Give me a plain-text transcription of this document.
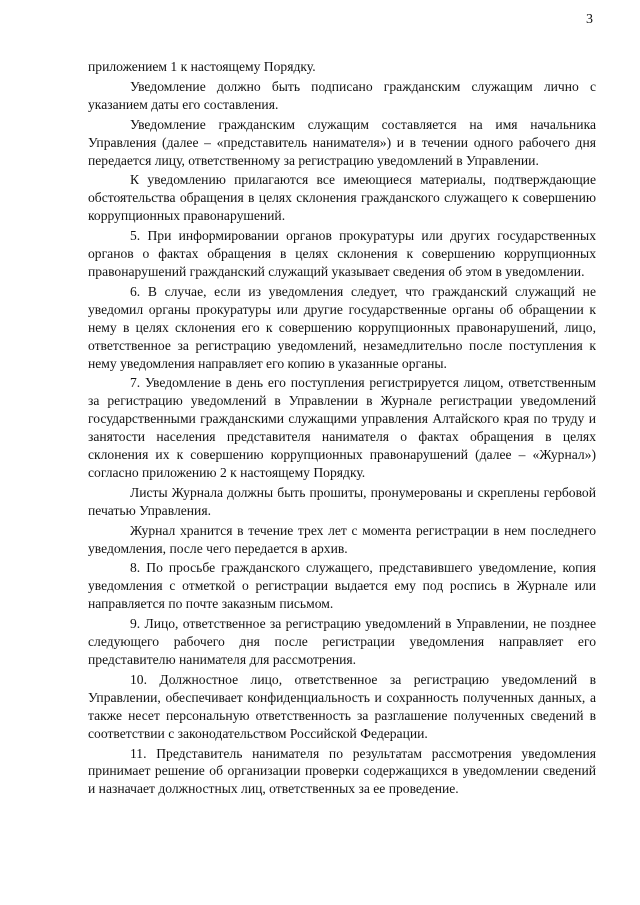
3

приложением 1 к настоящему Порядку.

Уведомление должно быть подписано гражданским служащим лично с указанием даты его составления.

Уведомление гражданским служащим составляется на имя начальника Управления (далее – «представитель нанимателя») и в течении одного рабочего дня передается лицу, ответственному за регистрацию уведомлений в Управлении.

К уведомлению прилагаются все имеющиеся материалы, подтверждающие обстоятельства обращения в целях склонения гражданского служащего к совершению коррупционных правонарушений.

5. При информировании органов прокуратуры или других государственных органов о фактах обращения в целях склонения к совершению коррупционных правонарушений гражданский служащий указывает сведения об этом в уведомлении.

6. В случае, если из уведомления следует, что гражданский служащий не уведомил органы прокуратуры или другие государственные органы об обращении к нему в целях склонения его к совершению коррупционных правонарушений, лицо, ответственное за регистрацию уведомлений, незамедлительно после поступления к нему уведомления направляет его копию в указанные органы.

7. Уведомление в день его поступления регистрируется лицом, ответственным за регистрацию уведомлений в Управлении в Журнале регистрации уведомлений государственными гражданскими служащими управления Алтайского края по труду и занятости населения представителя нанимателя о фактах обращения в целях склонения их к совершению коррупционных правонарушений (далее – «Журнал») согласно приложению 2 к настоящему Порядку.

Листы Журнала должны быть прошиты, пронумерованы и скреплены гербовой печатью Управления.

Журнал хранится в течение трех лет с момента регистрации в нем последнего уведомления, после чего передается в архив.

8. По просьбе гражданского служащего, представившего уведомление, копия уведомления с отметкой о регистрации выдается ему под роспись в Журнале или направляется по почте заказным письмом.

9. Лицо, ответственное за регистрацию уведомлений в Управлении, не позднее следующего рабочего дня после регистрации уведомления направляет его представителю нанимателя для рассмотрения.

10. Должностное лицо, ответственное за регистрацию уведомлений в Управлении, обеспечивает конфиденциальность и сохранность полученных данных, а также несет персональную ответственность за разглашение полученных сведений в соответствии с законодательством Российской Федерации.

11. Представитель нанимателя по результатам рассмотрения уведомления принимает решение об организации проверки содержащихся в уведомлении сведений и назначает должностных лиц, ответственных за ее проведение.
